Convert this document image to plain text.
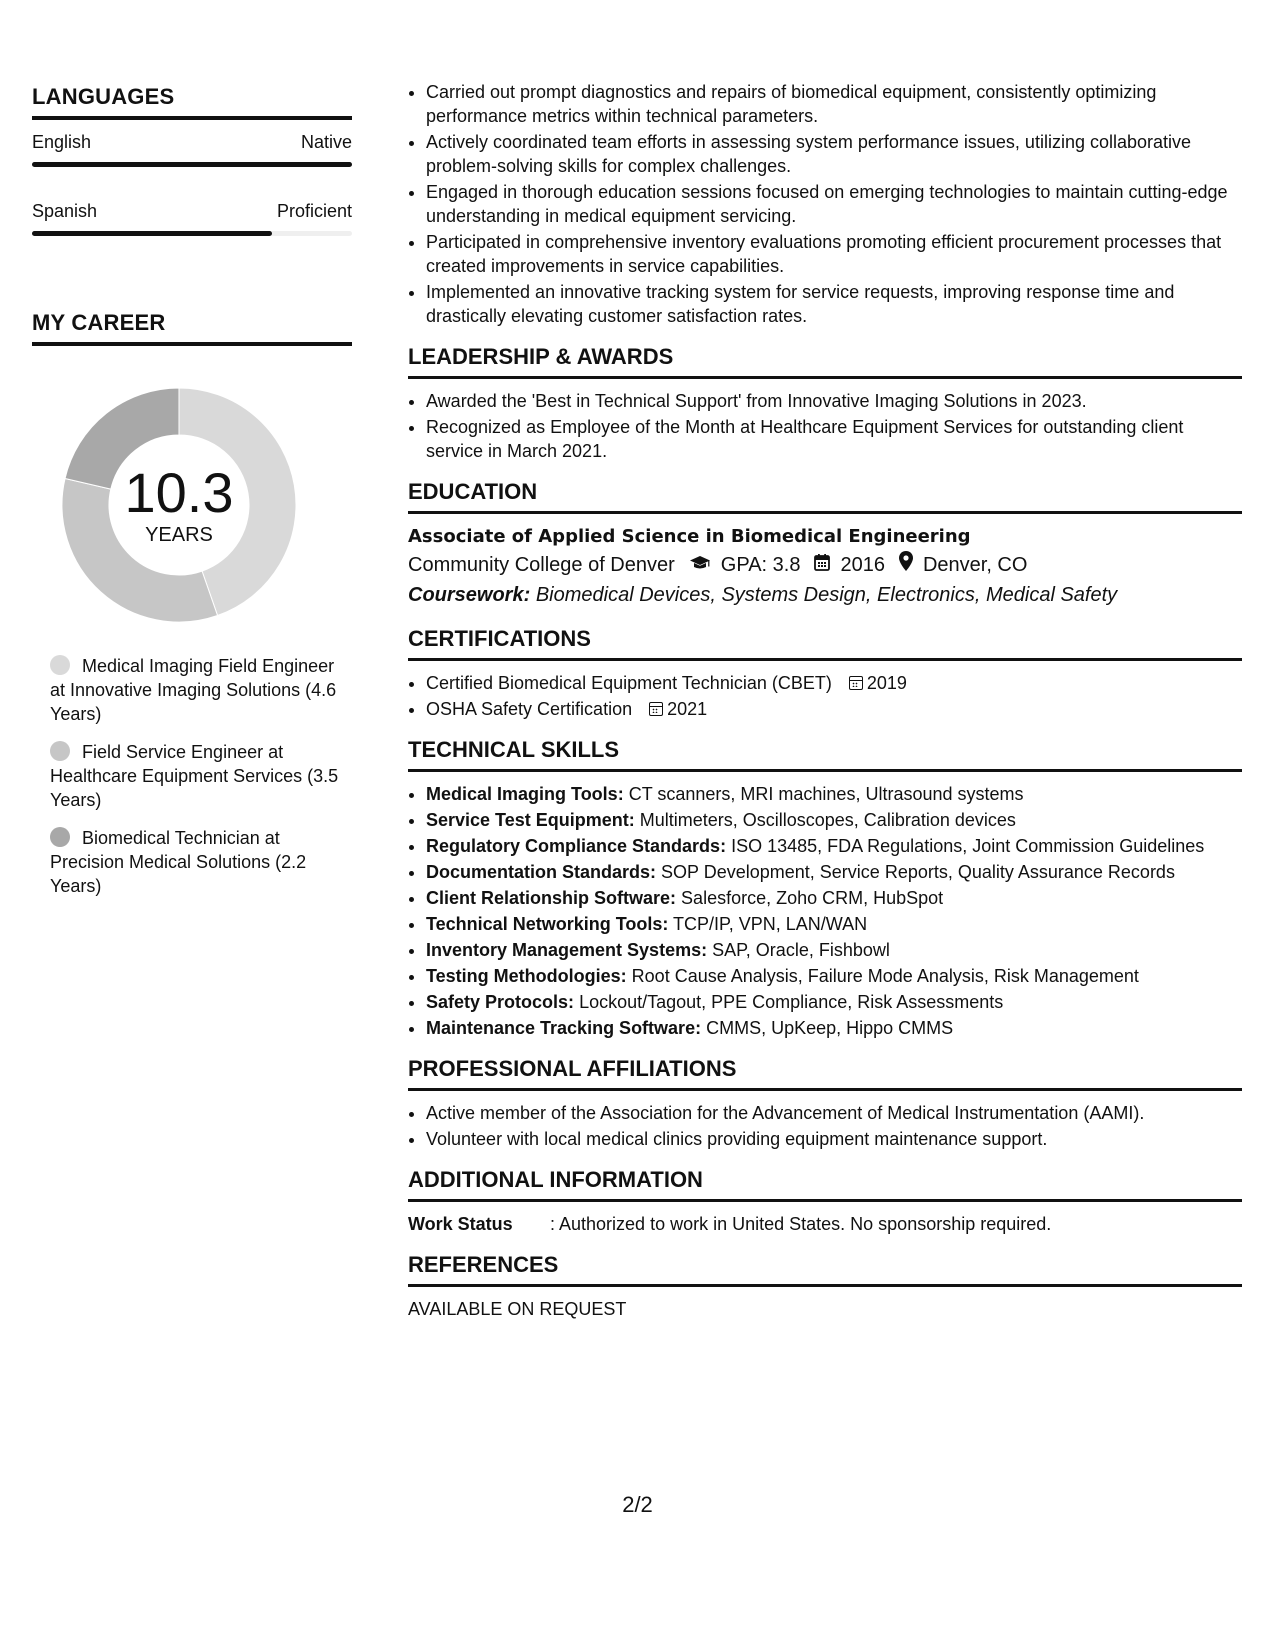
LANGUAGES
English	Native
Spanish	Proficient
MY CAREER
10.3
YEARS
Medical Imaging Field Engineer at Innovative Imaging Solutions (4.6 Years)
Field Service Engineer at Healthcare Equipment Services (3.5 Years)
Biomedical Technician at Precision Medical Solutions (2.2 Years)
• Carried out prompt diagnostics and repairs of biomedical equipment, consistently optimizing performance metrics within technical parameters.
• Actively coordinated team efforts in assessing system performance issues, utilizing collaborative problem-solving skills for complex challenges.
• Engaged in thorough education sessions focused on emerging technologies to maintain cutting-edge understanding in medical equipment servicing.
• Participated in comprehensive inventory evaluations promoting efficient procurement processes that created improvements in service capabilities.
• Implemented an innovative tracking system for service requests, improving response time and drastically elevating customer satisfaction rates.
LEADERSHIP & AWARDS
• Awarded the 'Best in Technical Support' from Innovative Imaging Solutions in 2023.
• Recognized as Employee of the Month at Healthcare Equipment Services for outstanding client service in March 2021.
EDUCATION
Associate of Applied Science in Biomedical Engineering
Community College of Denver GPA: 3.8 2016 Denver, CO
Coursework: Biomedical Devices, Systems Design, Electronics, Medical Safety
CERTIFICATIONS
• Certified Biomedical Equipment Technician (CBET) 2019
• OSHA Safety Certification 2021
TECHNICAL SKILLS
• Medical Imaging Tools: CT scanners, MRI machines, Ultrasound systems
• Service Test Equipment: Multimeters, Oscilloscopes, Calibration devices
• Regulatory Compliance Standards: ISO 13485, FDA Regulations, Joint Commission Guidelines
• Documentation Standards: SOP Development, Service Reports, Quality Assurance Records
• Client Relationship Software: Salesforce, Zoho CRM, HubSpot
• Technical Networking Tools: TCP/IP, VPN, LAN/WAN
• Inventory Management Systems: SAP, Oracle, Fishbowl
• Testing Methodologies: Root Cause Analysis, Failure Mode Analysis, Risk Management
• Safety Protocols: Lockout/Tagout, PPE Compliance, Risk Assessments
• Maintenance Tracking Software: CMMS, UpKeep, Hippo CMMS
PROFESSIONAL AFFILIATIONS
• Active member of the Association for the Advancement of Medical Instrumentation (AAMI).
• Volunteer with local medical clinics providing equipment maintenance support.
ADDITIONAL INFORMATION
Work Status	: Authorized to work in United States. No sponsorship required.
REFERENCES
AVAILABLE ON REQUEST
2/2
